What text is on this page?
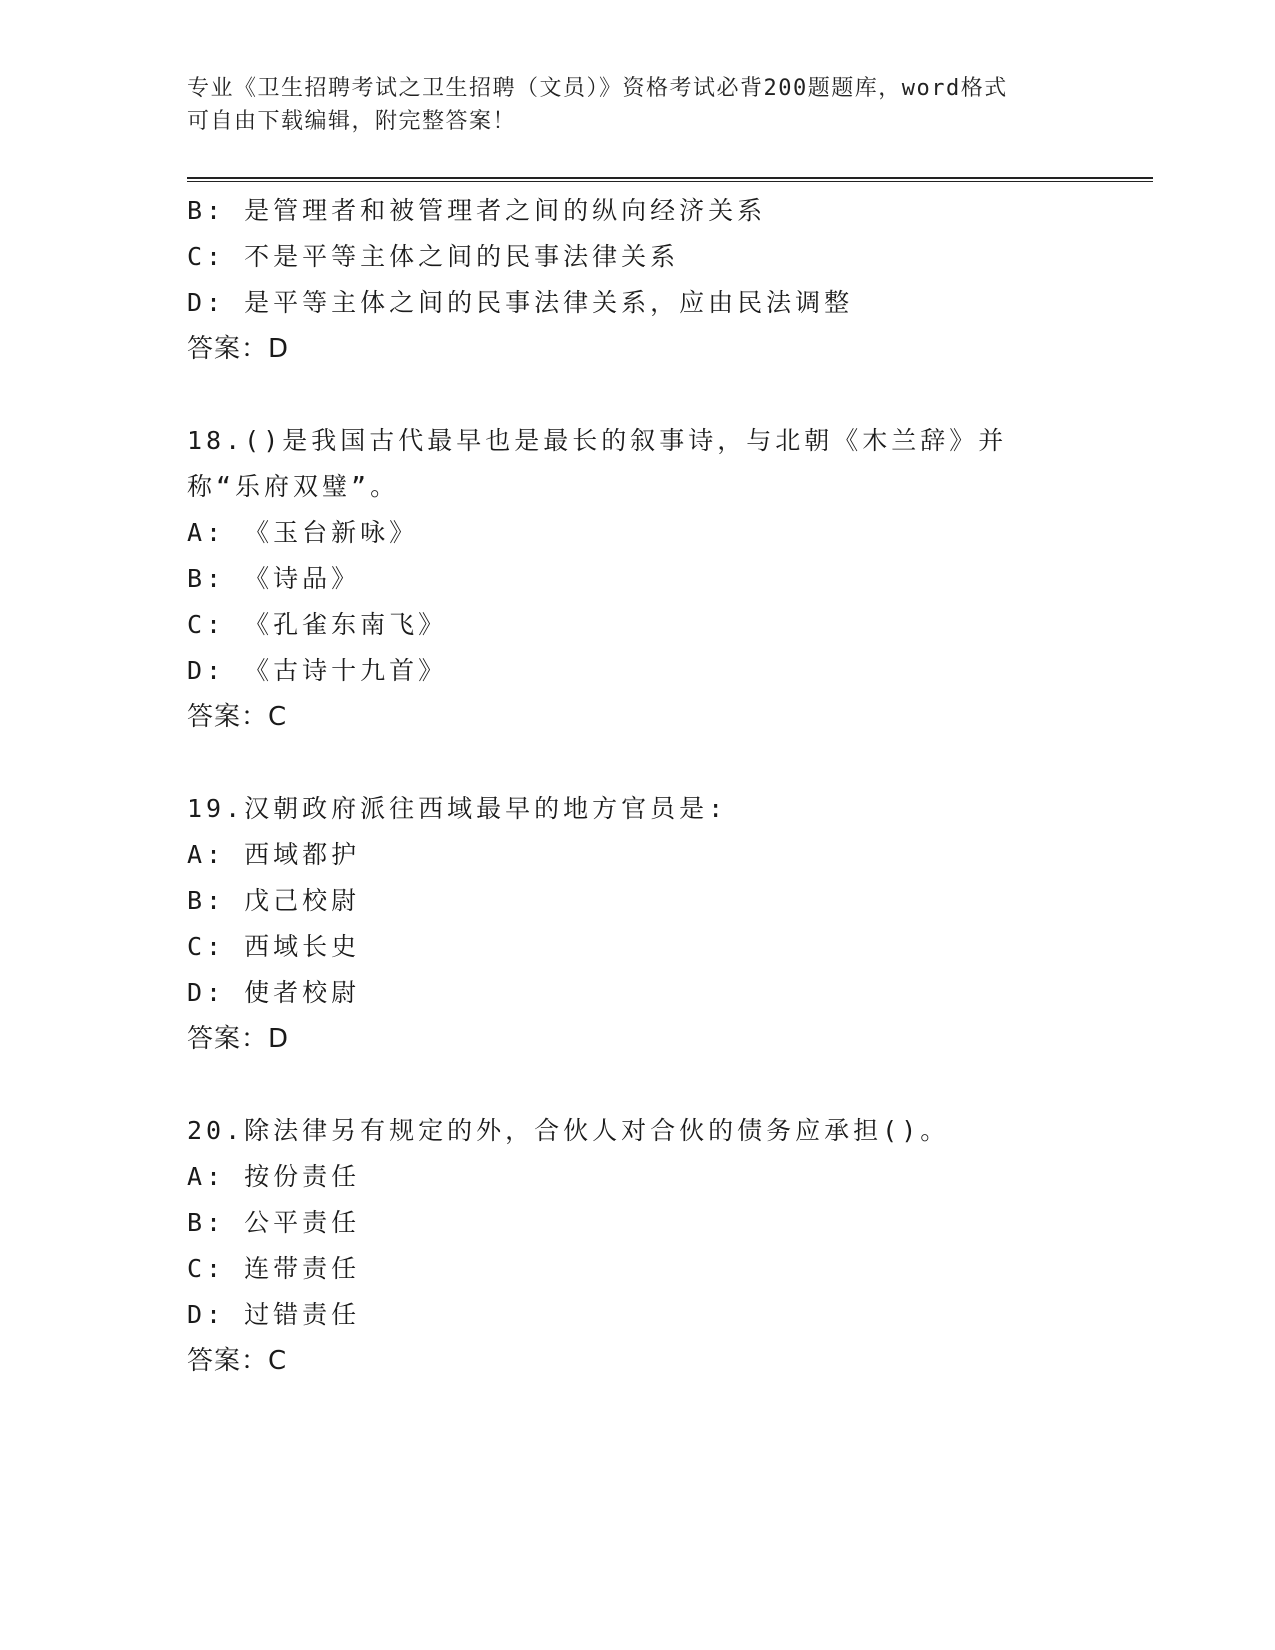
专业《卫生招聘考试之卫生招聘（文员）》资格考试必背200题题库，word格式
可自由下载编辑，附完整答案！
B: 是管理者和被管理者之间的纵向经济关系
C: 不是平等主体之间的民事法律关系
D: 是平等主体之间的民事法律关系，应由民法调整
答案：D
18.()是我国古代最早也是最长的叙事诗，与北朝《木兰辞》并称“乐府双璧”。
A: 《玉台新咏》
B: 《诗品》
C: 《孔雀东南飞》
D: 《古诗十九首》
答案：C
19.汉朝政府派往西域最早的地方官员是:
A: 西域都护
B: 戊己校尉
C: 西域长史
D: 使者校尉
答案：D
20.除法律另有规定的外，合伙人对合伙的债务应承担()。
A: 按份责任
B: 公平责任
C: 连带责任
D: 过错责任
答案：C
